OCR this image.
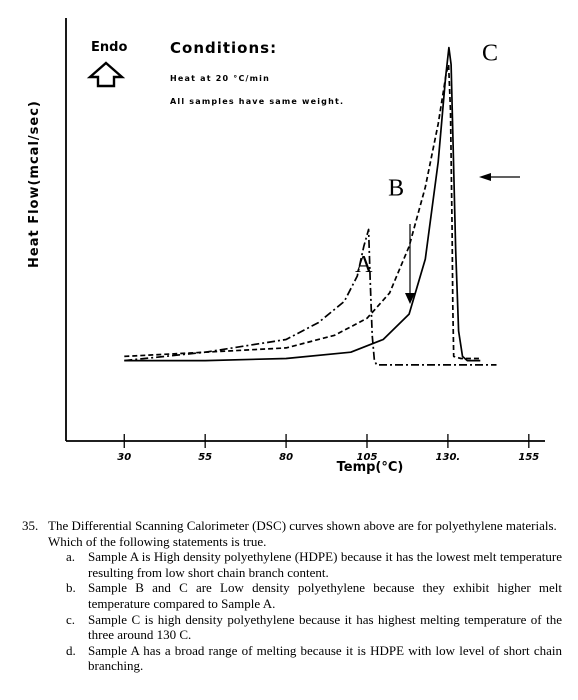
30	55	80	105	130.	155
Heat Flow(mcal/sec)
Temp(°C)
Endo	Conditions:
Heat at 20 °C/min
All samples have same weight.
A
B
C
35. The Differential Scanning Calorimeter (DSC) curves shown above are for polyethylene materials. Which of the following statements is true.
a. Sample A is High density polyethylene (HDPE) because it has the lowest melt temperature resulting from low short chain branch content.
b. Sample B and C are Low density polyethylene because they exhibit higher melt temperature compared to Sample A.
c. Sample C is high density polyethylene because it has highest melting temperature of the three around 130 C.
d. Sample A has a broad range of melting because it is HDPE with low level of short chain branching.
